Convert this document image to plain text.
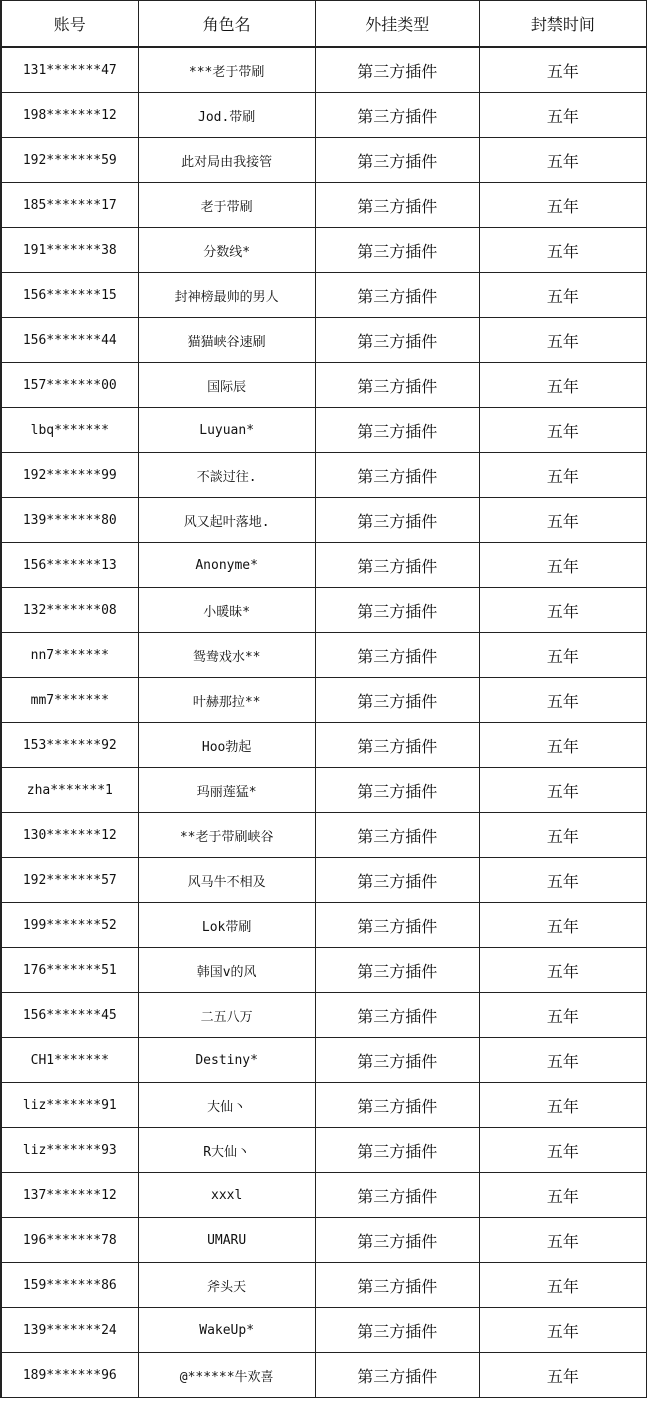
账号	角色名	外挂类型	封禁时间
131*******47	***老于带刷	第三方插件	五年
198*******12	Jod.带刷	第三方插件	五年
192*******59	此对局由我接管	第三方插件	五年
185*******17	老于带刷	第三方插件	五年
191*******38	分数线*	第三方插件	五年
156*******15	封神榜最帅的男人	第三方插件	五年
156*******44	猫猫峡谷速刷	第三方插件	五年
157*******00	国际辰	第三方插件	五年
lbq*******	Luyuan*	第三方插件	五年
192*******99	不談过往.	第三方插件	五年
139*******80	风又起叶落地.	第三方插件	五年
156*******13	Anonyme*	第三方插件	五年
132*******08	小暖昧*	第三方插件	五年
nn7*******	鸳鸯戏水**	第三方插件	五年
mm7*******	叶赫那拉**	第三方插件	五年
153*******92	Hoo勃起	第三方插件	五年
zha*******1	玛丽莲猛*	第三方插件	五年
130*******12	**老于带刷峡谷	第三方插件	五年
192*******57	风马牛不相及	第三方插件	五年
199*******52	Lok带刷	第三方插件	五年
176*******51	韩国v的风	第三方插件	五年
156*******45	二五八万	第三方插件	五年
CH1*******	Destiny*	第三方插件	五年
liz*******91	大仙丶	第三方插件	五年
liz*******93	R大仙丶	第三方插件	五年
137*******12	xxxl	第三方插件	五年
196*******78	UMARU	第三方插件	五年
159*******86	斧头天	第三方插件	五年
139*******24	WakeUp*	第三方插件	五年
189*******96	@******牛欢喜	第三方插件	五年
